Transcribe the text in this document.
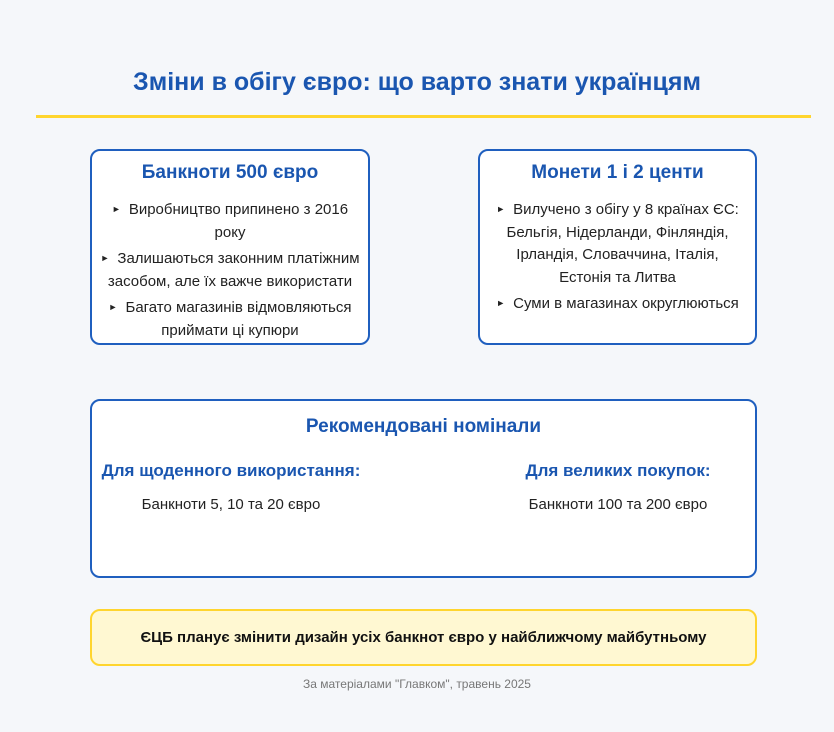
Зміни в обігу євро: що варто знати українцям
Банкноти 500 євро
► Виробництво припинено з 2016 року
► Залишаються законним платіжним засобом, але їх важче використати
► Багато магазинів відмовляються приймати ці купюри
Монети 1 і 2 центи
► Вилучено з обігу у 8 країнах ЄС:
Бельгія, Нідерланди, Фінляндія, Ірландія, Словаччина, Італія, Естонія та Литва
► Суми в магазинах округлюються
Рекомендовані номінали
Для щоденного використання:
Банкноти 5, 10 та 20 євро
Для великих покупок:
Банкноти 100 та 200 євро
ЄЦБ планує змінити дизайн усіх банкнот євро у найближчому майбутньому
За матеріалами "Главком", травень 2025
